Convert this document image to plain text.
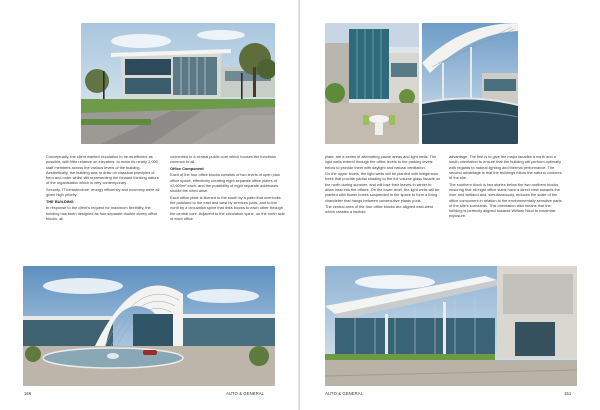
Conceptually, the client wanted circulation to be as efficient as possible, with little reliance on elevators, to move its nearly 2,000 staff members across the various levels of the building. Aesthetically, the building was to draw on classical principles of form and order whilst still representing the forward thinking nature of the organisation which is very contemporary.

Security, IT infrastructure, energy efficiency and economy were all given high priority.

THE BUILDING

In response to the client's request for maximum flexibility, the building has been designed as four separate double storey office blocks, all

connected to a central public core which houses the functions common to all.

Office Component

Each of the four office blocks consists of two levels of open plan office space, effectively creating eight separate office plates of ±2,600m² each, and the possibility of eight separate addresses should the need arise.

Each office plate is likened to the south by a patio that overlooks the parkland to the east and west by services pods, and to the north by a circulation spine that links blocks to each other through the central core. Adjacent to the circulation spine, on the north side of each office

166	AUTO & GENERAL

plate, are a series of alternating pause areas and light wells. The light wells extend through the office levels to the parking levels below to provide them with daylight and natural ventilation.

On the upper levels, the light wells will be planted with indigenous trees that provide partial shading to the full volume glass facade on the north during summer, and will lose their leaves in winter to allow heat into the offices. On the lower level, the light wells will be planted with flower boxes suspended in the space to form a living chandelier that hangs between consecutive plants pods.

The central axes of the four office blocks are aligned east-west which creates a twofold

advantage. The first is to give the major facades a north and a south orientation to ensure that the building will perform optimally with regards to natural lighting and thermal performance. The second advantage is that the buildings follow the natural contours of the site.

The southern block is two stories below the two northern blocks, ensuring that all eight office slabs have a direct view towards the river and wetland and, simultaneously, reduces the scale of the office component in relation to the environmentally sensitive parts of the site's surrounds. This orientation also means that the building is perfectly aligned towards William Nicol to maximise exposure.

AUTO & GENERAL	151
